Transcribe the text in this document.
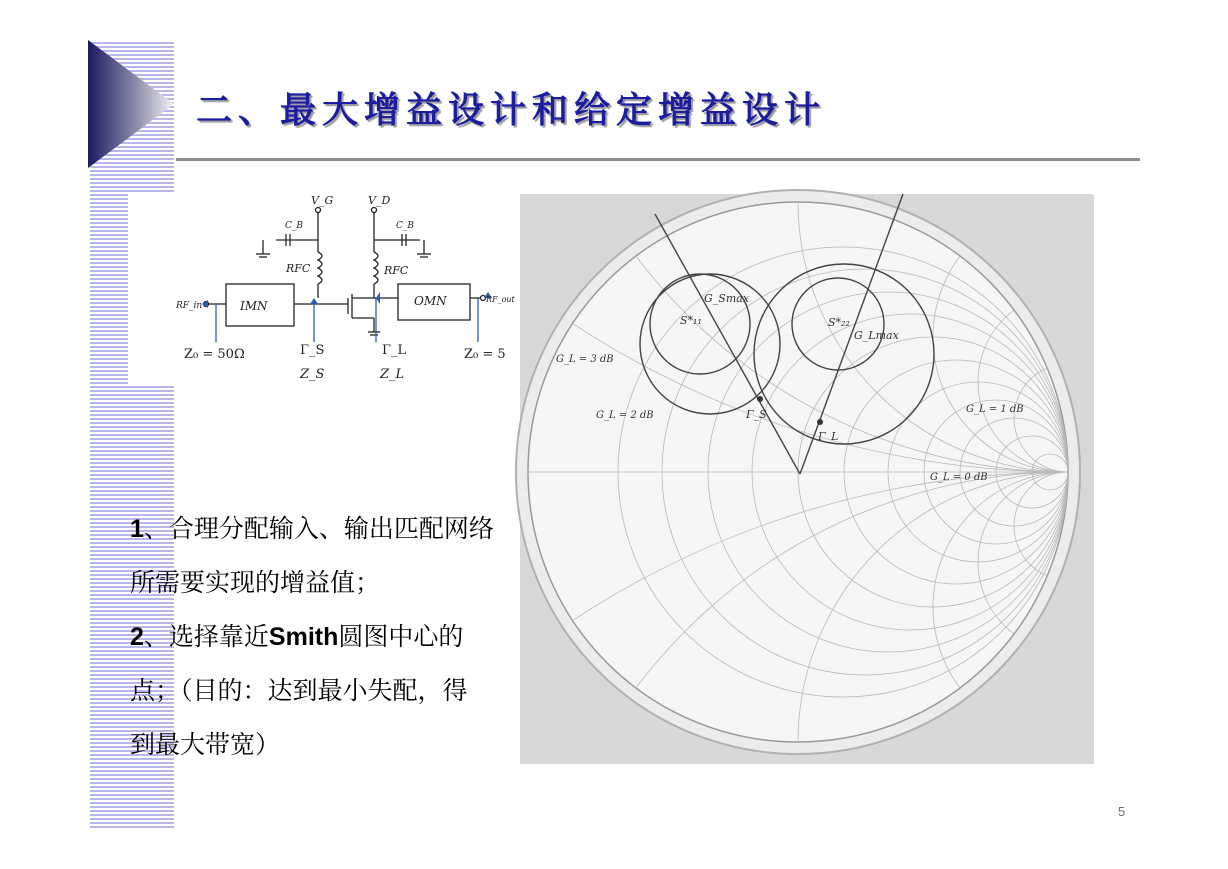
二、最大增益设计和给定增益设计
V_G	V_D
C_B	C_B
RFC	RFC
IMN	OMN
RF_in
RF_out
Z₀ = 50Ω	Γ_S	Γ_L	Z₀ = 5
Z_S	Z_L
S*₁₁
G_Smax
S*₂₂
G_Lmax
G_L = 3 dB
G_L = 2 dB
G_L = 1 dB
G_L = 0 dB
Γ_S
Γ_L

1、合理分配输入、输出匹配网络

所需要实现的增益值；

2、选择靠近Smith圆图中心的

点；（目的：达到最小失配，得

到最大带宽）

5
